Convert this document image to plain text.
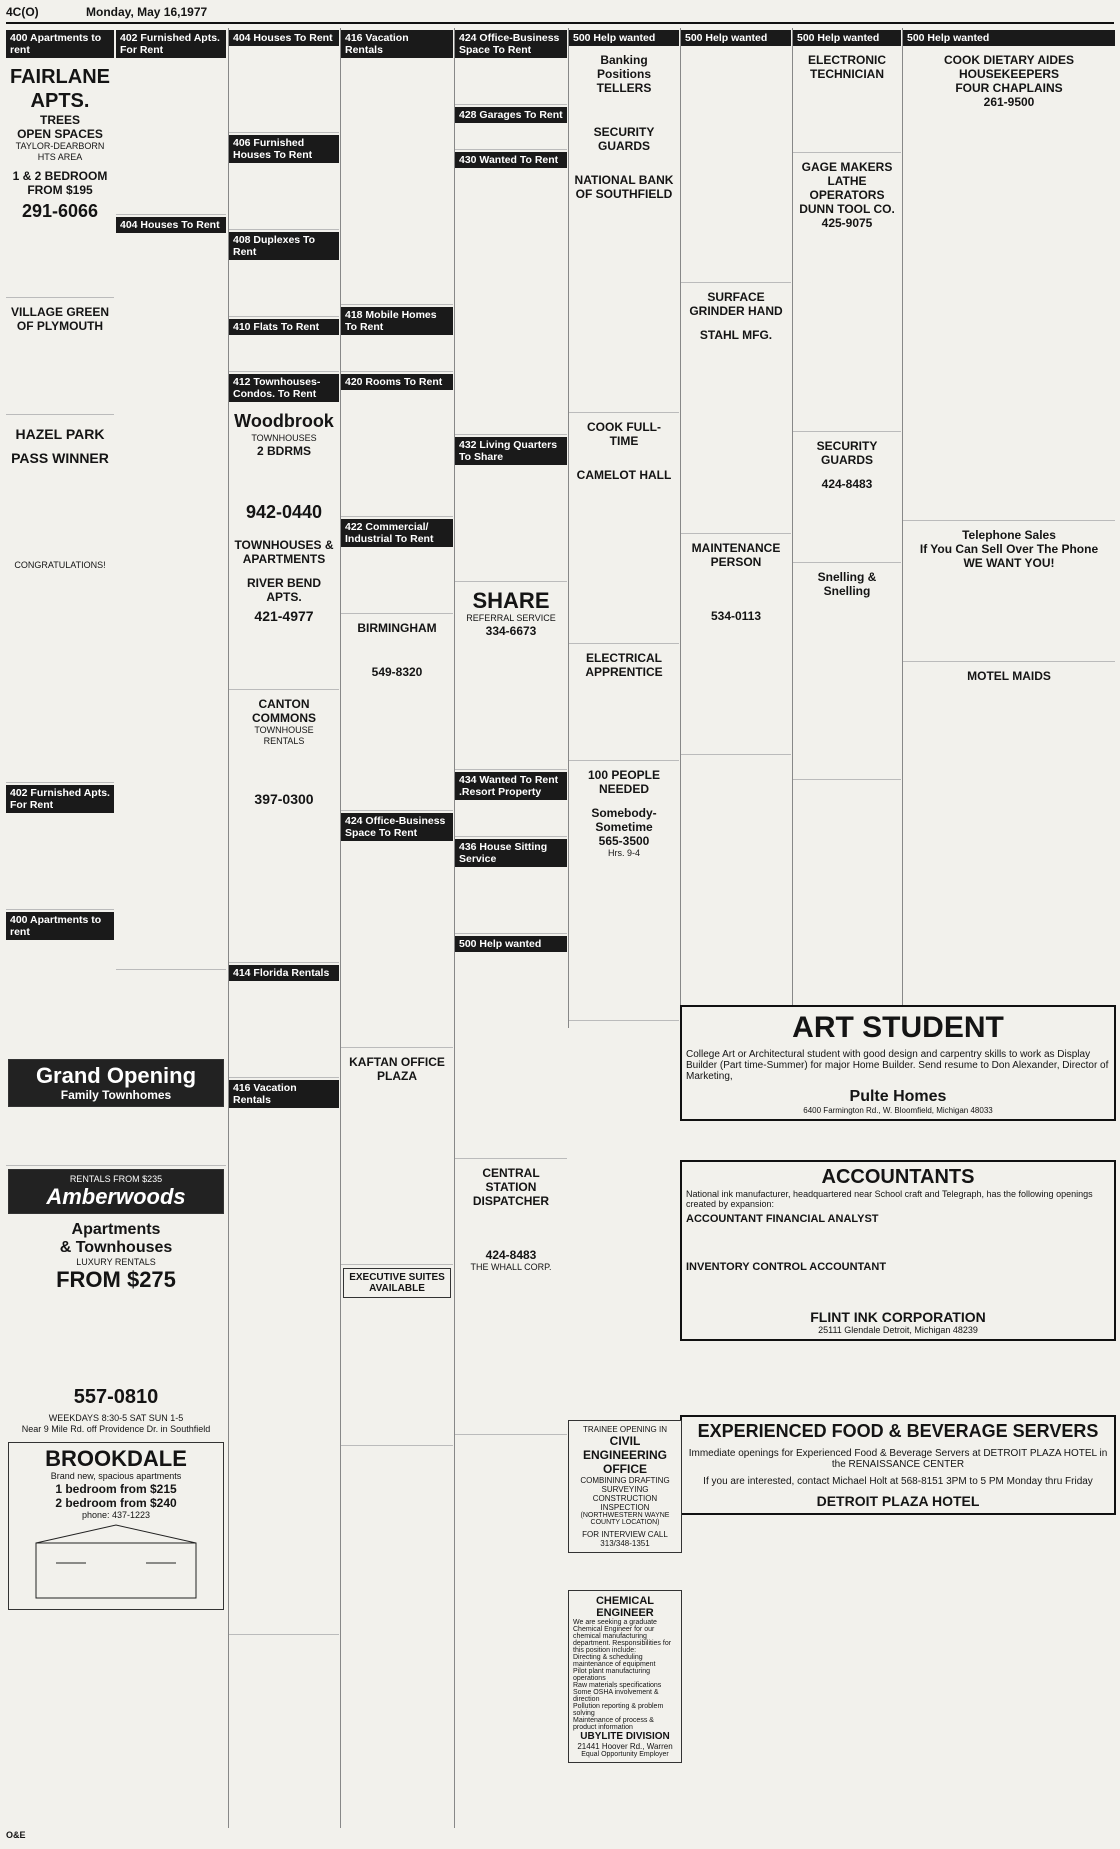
4C(O)	Monday, May 16,1977
400 Apartments to rent
FAIRLANE APTS.
TREES
OPEN SPACES
TAYLOR-DEARBORN HTS AREA
1 & 2 BEDROOM
FROM $195
291-6066
VILLAGE GREEN OF PLYMOUTH
HAZEL PARK PASS WINNER
CONGRATULATIONS!
402 Furnished Apts. For Rent
400 Apartments to rent
Grand Opening
Family Townhomes
RENTALS FROM $235
Amberwoods
Apartments
& Townhouses
LUXURY RENTALS
FROM $275
557-0810
WEEKDAYS 8:30-5 SAT SUN 1-5
Near 9 Mile Rd. off Providence Dr. in Southfield
BROOKDALE
Brand new, spacious apartments
1 bedroom from $215
2 bedroom from $240
phone: 437-1223
402 Furnished Apts. For Rent
404 Houses To Rent
404 Houses To Rent
406 Furnished Houses To Rent
408 Duplexes To Rent
410 Flats To Rent
412 Townhouses-Condos. To Rent
Woodbrook
TOWNHOUSES
2 BDRMS
942-0440
TOWNHOUSES & APARTMENTS
RIVER BEND APTS.
421-4977
CANTON COMMONS
TOWNHOUSE RENTALS
397-0300
414 Florida Rentals
416 Vacation Rentals
416 Vacation Rentals
418 Mobile Homes To Rent
420 Rooms To Rent
422 Commercial/ Industrial To Rent
BIRMINGHAM
549-8320
424 Office-Business Space To Rent
KAFTAN OFFICE PLAZA
EXECUTIVE SUITES AVAILABLE
424 Office-Business Space To Rent
428 Garages To Rent
430 Wanted To Rent
432 Living Quarters To Share
SHARE
REFERRAL SERVICE
334-6673
434 Wanted To Rent .Resort Property
436 House Sitting Service
500 Help wanted
CENTRAL STATION DISPATCHER
424-8483
THE WHALL CORP.
500 Help wanted
Banking Positions TELLERS
SECURITY GUARDS
NATIONAL BANK OF SOUTHFIELD
COOK FULL-TIME
CAMELOT HALL
ELECTRICAL APPRENTICE
100 PEOPLE NEEDED
Somebody-Sometime
565-3500
Hrs. 9-4
500 Help wanted
SURFACE GRINDER HAND
STAHL MFG.
MAINTENANCE PERSON
534-0113
500 Help wanted
ELECTRONIC TECHNICIAN
GAGE MAKERS LATHE OPERATORS
DUNN TOOL CO.
425-9075
SECURITY GUARDS
424-8483
Snelling & Snelling
500 Help wanted
COOK DIETARY AIDES HOUSEKEEPERS
FOUR CHAPLAINS
261-9500
Telephone Sales
If You Can Sell Over The Phone
WE WANT YOU!
MOTEL MAIDS
ART STUDENT
College Art or Architectural student with good design and carpentry skills to work as Display Builder (Part time-Summer) for major Home Builder. Send resume to Don Alexander, Director of Marketing,
Pulte Homes
6400 Farmington Rd., W. Bloomfield, Michigan 48033
ACCOUNTANTS
National ink manufacturer, headquartered near School craft and Telegraph, has the following openings created by expansion:
ACCOUNTANT FINANCIAL ANALYST
INVENTORY CONTROL ACCOUNTANT
FLINT INK CORPORATION
25111 Glendale Detroit, Michigan 48239
EXPERIENCED FOOD & BEVERAGE SERVERS
Immediate openings for Experienced Food & Beverage Servers at DETROIT PLAZA HOTEL in the RENAISSANCE CENTER
If you are interested, contact Michael Holt at 568-8151 3PM to 5 PM Monday thru Friday
DETROIT PLAZA HOTEL
TRAINEE OPENING IN
CIVIL ENGINEERING OFFICE
COMBINING DRAFTING SURVEYING CONSTRUCTION INSPECTION
(NORTHWESTERN WAYNE COUNTY LOCATION)
FOR INTERVIEW CALL 313/348-1351
CHEMICAL ENGINEER
We are seeking a graduate Chemical Engineer for our chemical manufacturing department. Responsibilities for this position include:
Directing & scheduling maintenance of equipment
Pilot plant manufacturing operations
Raw materials specifications
Some OSHA involvement & direction
Pollution reporting & problem solving
Maintenance of process & product information
UBYLITE DIVISION
21441 Hoover Rd., Warren
Equal Opportunity Employer
O&E
